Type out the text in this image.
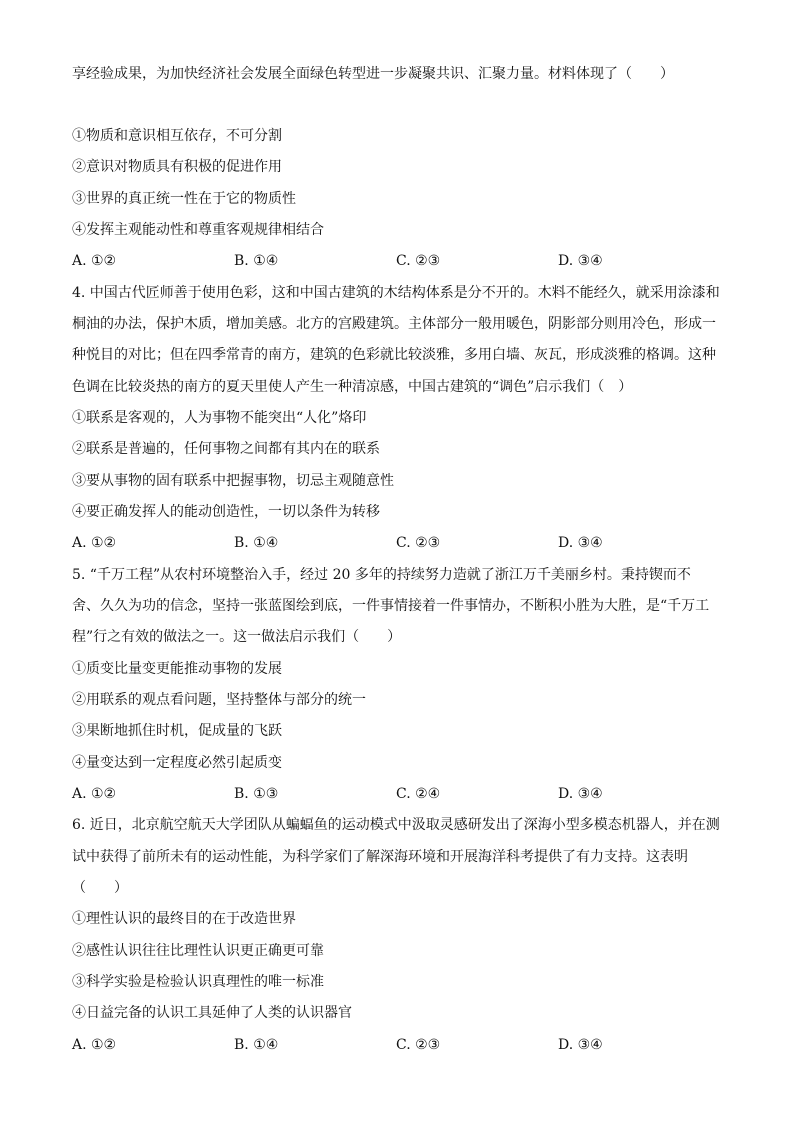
享经验成果，为加快经济社会发展全面绿色转型进一步凝聚共识、汇聚力量。材料体现了（　　）
①物质和意识相互依存，不可分割
②意识对物质具有积极的促进作用
③世界的真正统一性在于它的物质性
④发挥主观能动性和尊重客观规律相结合
A. ①②	B. ①④	C. ②③	D. ③④
4. 中国古代匠师善于使用色彩，这和中国古建筑的木结构体系是分不开的。木料不能经久，就采用涂漆和
桐油的办法，保护木质，增加美感。北方的宫殿建筑。主体部分一般用暖色，阴影部分则用冷色，形成一
种悦目的对比；但在四季常青的南方，建筑的色彩就比较淡雅，多用白墙、灰瓦，形成淡雅的格调。这种
色调在比较炎热的南方的夏天里使人产生一种清凉感，中国古建筑的“调色”启示我们（　）
①联系是客观的，人为事物不能突出“人化”烙印
②联系是普遍的，任何事物之间都有其内在的联系
③要从事物的固有联系中把握事物，切忌主观随意性
④要正确发挥人的能动创造性，一切以条件为转移
A. ①②	B. ①④	C. ②③	D. ③④
5. “千万工程”从农村环境整治入手，经过 20 多年的持续努力造就了浙江万千美丽乡村。秉持锲而不
舍、久久为功的信念，坚持一张蓝图绘到底，一件事情接着一件事情办，不断积小胜为大胜，是“千万工
程”行之有效的做法之一。这一做法启示我们（　　）
①质变比量变更能推动事物的发展
②用联系的观点看问题，坚持整体与部分的统一
③果断地抓住时机，促成量的飞跃
④量变达到一定程度必然引起质变
A. ①②	B. ①③	C. ②④	D. ③④
6. 近日，北京航空航天大学团队从蝙蝠鱼的运动模式中汲取灵感研发出了深海小型多模态机器人，并在测
试中获得了前所未有的运动性能，为科学家们了解深海环境和开展海洋科考提供了有力支持。这表明
（　　）
①理性认识的最终目的在于改造世界
②感性认识往往比理性认识更正确更可靠
③科学实验是检验认识真理性的唯一标准
④日益完备的认识工具延伸了人类的认识器官
A. ①②	B. ①④	C. ②③	D. ③④
